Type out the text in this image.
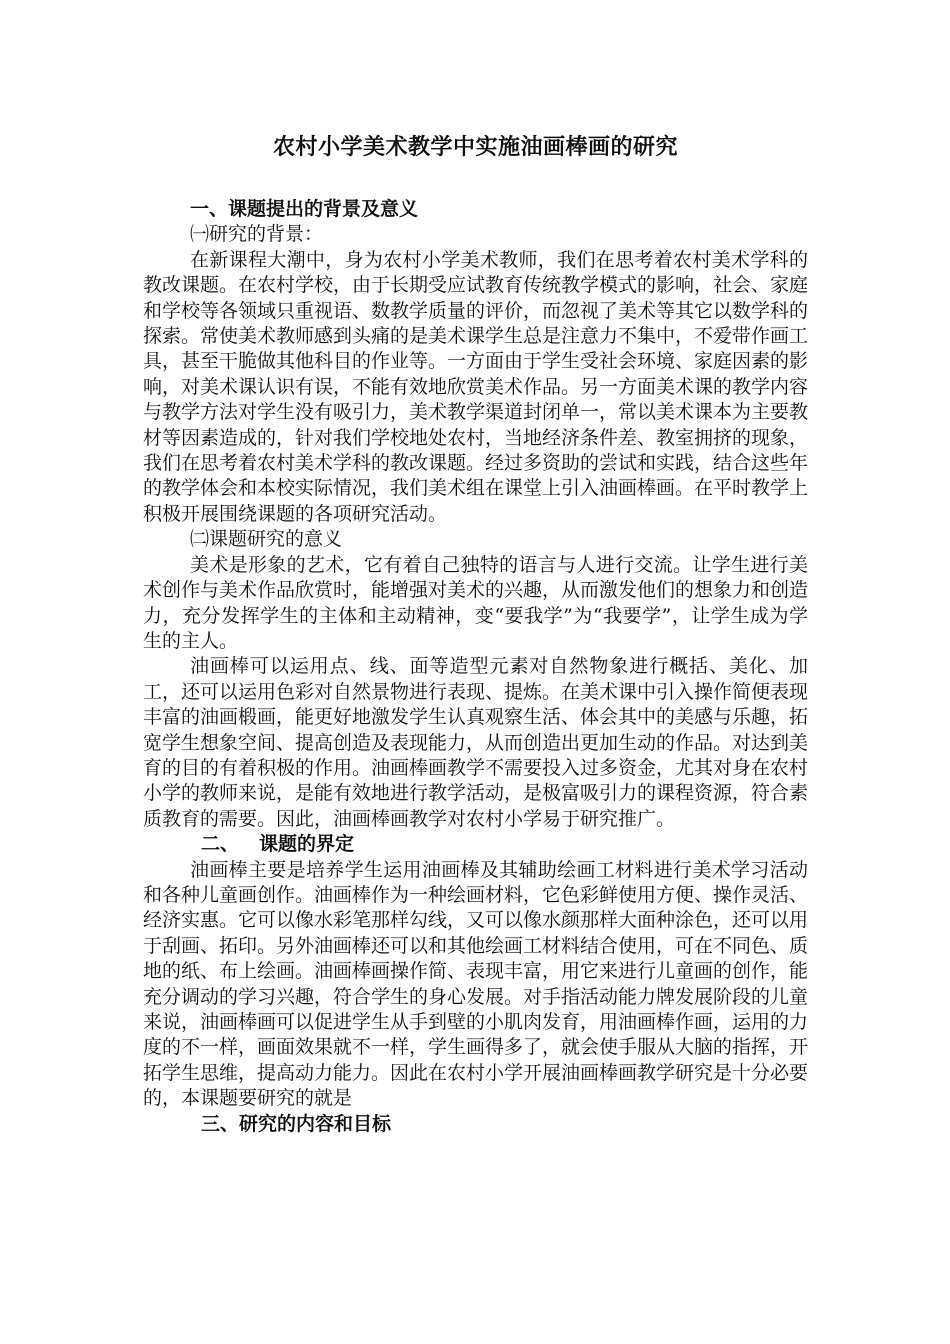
农村小学美术教学中实施油画棒画的研究

一、课题提出的背景及意义

㈠研究的背景：

在新课程大潮中，身为农村小学美术教师，我们在思考着农村美术学科的教改课题。在农村学校，由于长期受应试教育传统教学模式的影响，社会、家庭和学校等各领域只重视语、数教学质量的评价，而忽视了美术等其它以数学科的探索。常使美术教师感到头痛的是美术课学生总是注意力不集中，不爱带作画工具，甚至干脆做其他科目的作业等。一方面由于学生受社会环境、家庭因素的影响，对美术课认识有误，不能有效地欣赏美术作品。另一方面美术课的教学内容与教学方法对学生没有吸引力，美术教学渠道封闭单一，常以美术课本为主要教材等因素造成的，针对我们学校地处农村，当地经济条件差、教室拥挤的现象，我们在思考着农村美术学科的教改课题。经过多资助的尝试和实践，结合这些年的教学体会和本校实际情况，我们美术组在课堂上引入油画棒画。在平时教学上积极开展围绕课题的各项研究活动。

㈡课题研究的意义

美术是形象的艺术，它有着自己独特的语言与人进行交流。让学生进行美术创作与美术作品欣赏时，能增强对美术的兴趣，从而激发他们的想象力和创造力，充分发挥学生的主体和主动精神，变“要我学”为“我要学”，让学生成为学生的主人。

油画棒可以运用点、线、面等造型元素对自然物象进行概括、美化、加工，还可以运用色彩对自然景物进行表现、提炼。在美术课中引入操作简便表现丰富的油画椴画，能更好地激发学生认真观察生活、体会其中的美感与乐趣，拓宽学生想象空间、提高创造及表现能力，从而创造出更加生动的作品。对达到美育的目的有着积极的作用。油画棒画教学不需要投入过多资金，尤其对身在农村小学的教师来说，是能有效地进行教学活动，是极富吸引力的课程资源，符合素质教育的需要。因此，油画棒画教学对农村小学易于研究推广。

二、 课题的界定

油画棒主要是培养学生运用油画棒及其辅助绘画工材料进行美术学习活动和各种儿童画创作。油画棒作为一种绘画材料，它色彩鲜使用方便、操作灵活、经济实惠。它可以像水彩笔那样勾线，又可以像水颜那样大面种涂色，还可以用于刮画、拓印。另外油画棒还可以和其他绘画工材料结合使用，可在不同色、质地的纸、布上绘画。油画棒画操作简、表现丰富，用它来进行儿童画的创作，能充分调动的学习兴趣，符合学生的身心发展。对手指活动能力牌发展阶段的儿童来说，油画棒画可以促进学生从手到壁的小肌肉发育，用油画棒作画，运用的力度的不一样，画面效果就不一样，学生画得多了，就会使手服从大脑的指挥，开拓学生思维，提高动力能力。因此在农村小学开展油画棒画教学研究是十分必要的，本课题要研究的就是

三、研究的内容和目标
